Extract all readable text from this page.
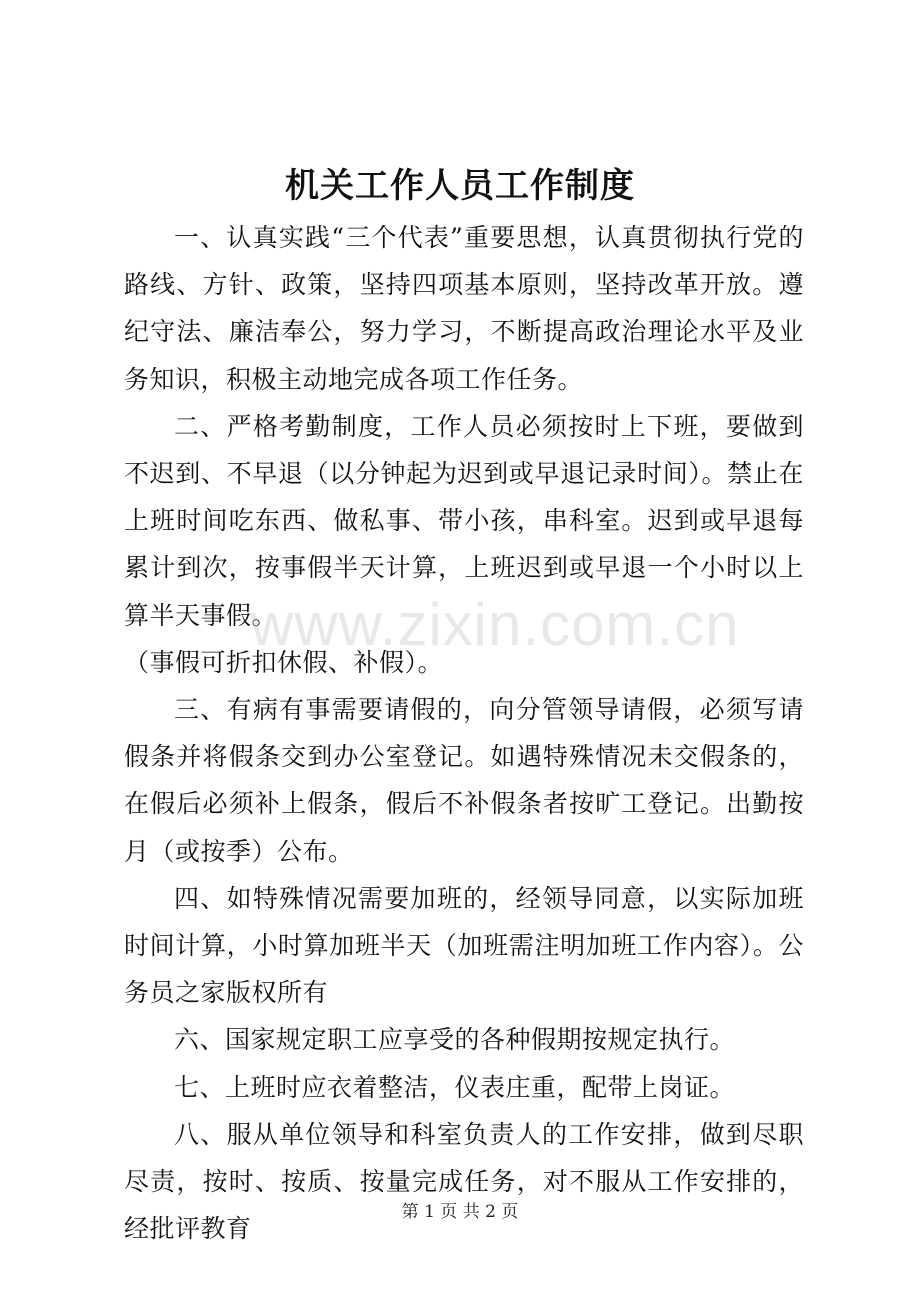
机关工作人员工作制度

一、认真实践“三个代表”重要思想，认真贯彻执行党的路线、方针、政策，坚持四项基本原则，坚持改革开放。遵纪守法、廉洁奉公，努力学习，不断提高政治理论水平及业务知识，积极主动地完成各项工作任务。

二、严格考勤制度，工作人员必须按时上下班，要做到不迟到、不早退（以分钟起为迟到或早退记录时间）。禁止在上班时间吃东西、做私事、带小孩，串科室。迟到或早退每累计到次，按事假半天计算，上班迟到或早退一个小时以上算半天事假。

（事假可折扣休假、补假）。

三、有病有事需要请假的，向分管领导请假，必须写请假条并将假条交到办公室登记。如遇特殊情况未交假条的，在假后必须补上假条，假后不补假条者按旷工登记。出勤按月（或按季）公布。

四、如特殊情况需要加班的，经领导同意，以实际加班时间计算，小时算加班半天（加班需注明加班工作内容）。公务员之家版权所有

六、国家规定职工应享受的各种假期按规定执行。

七、上班时应衣着整洁，仪表庄重，配带上岗证。

八、服从单位领导和科室负责人的工作安排，做到尽职尽责，按时、按质、按量完成任务，对不服从工作安排的，经批评教育

www.zixin.com.cn
第 1 页 共 2 页
